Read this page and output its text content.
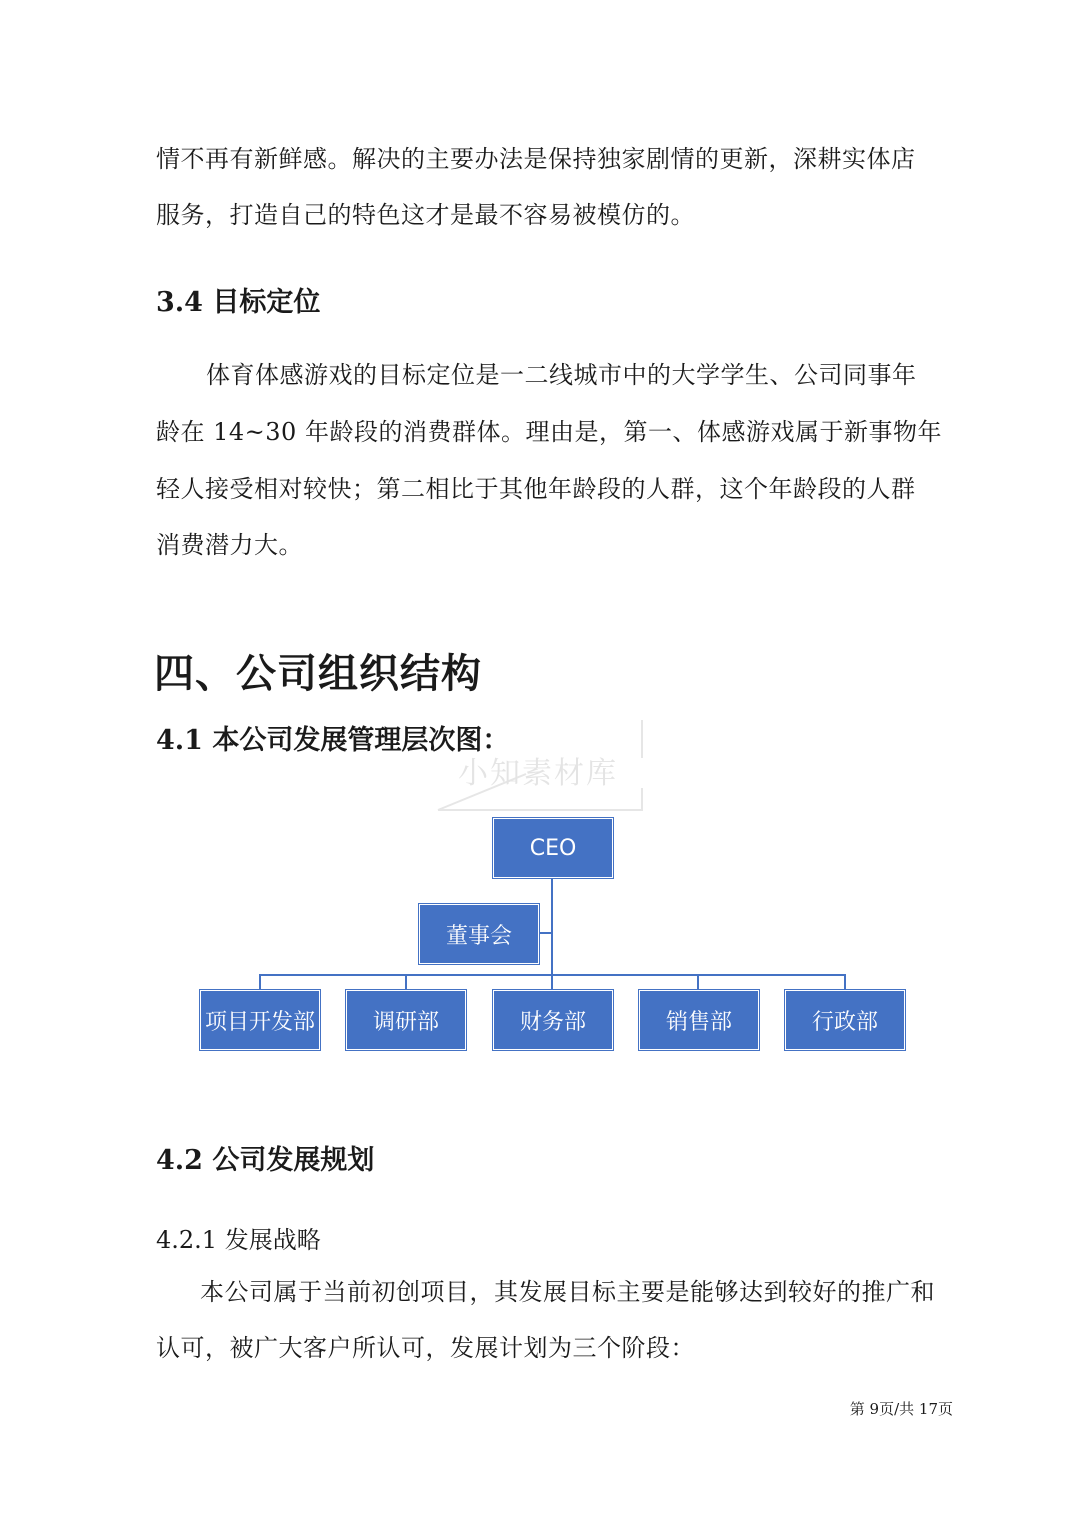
情不再有新鲜感。解决的主要办法是保持独家剧情的更新，深耕实体店
服务，打造自己的特色这才是最不容易被模仿的。
3.4 目标定位
体育体感游戏的目标定位是一二线城市中的大学学生、公司同事年
龄在 14~30 年龄段的消费群体。理由是，第一、体感游戏属于新事物年
轻人接受相对较快；第二相比于其他年龄段的人群，这个年龄段的人群
消费潜力大。
四、公司组织结构
4.1 本公司发展管理层次图：
小知素材库
CEO
董事会
项目开发部	调研部	财务部	销售部	行政部
4.2 公司发展规划
4.2.1 发展战略
本公司属于当前初创项目，其发展目标主要是能够达到较好的推广和
认可，被广大客户所认可，发展计划为三个阶段：
第 9页/共 17页
